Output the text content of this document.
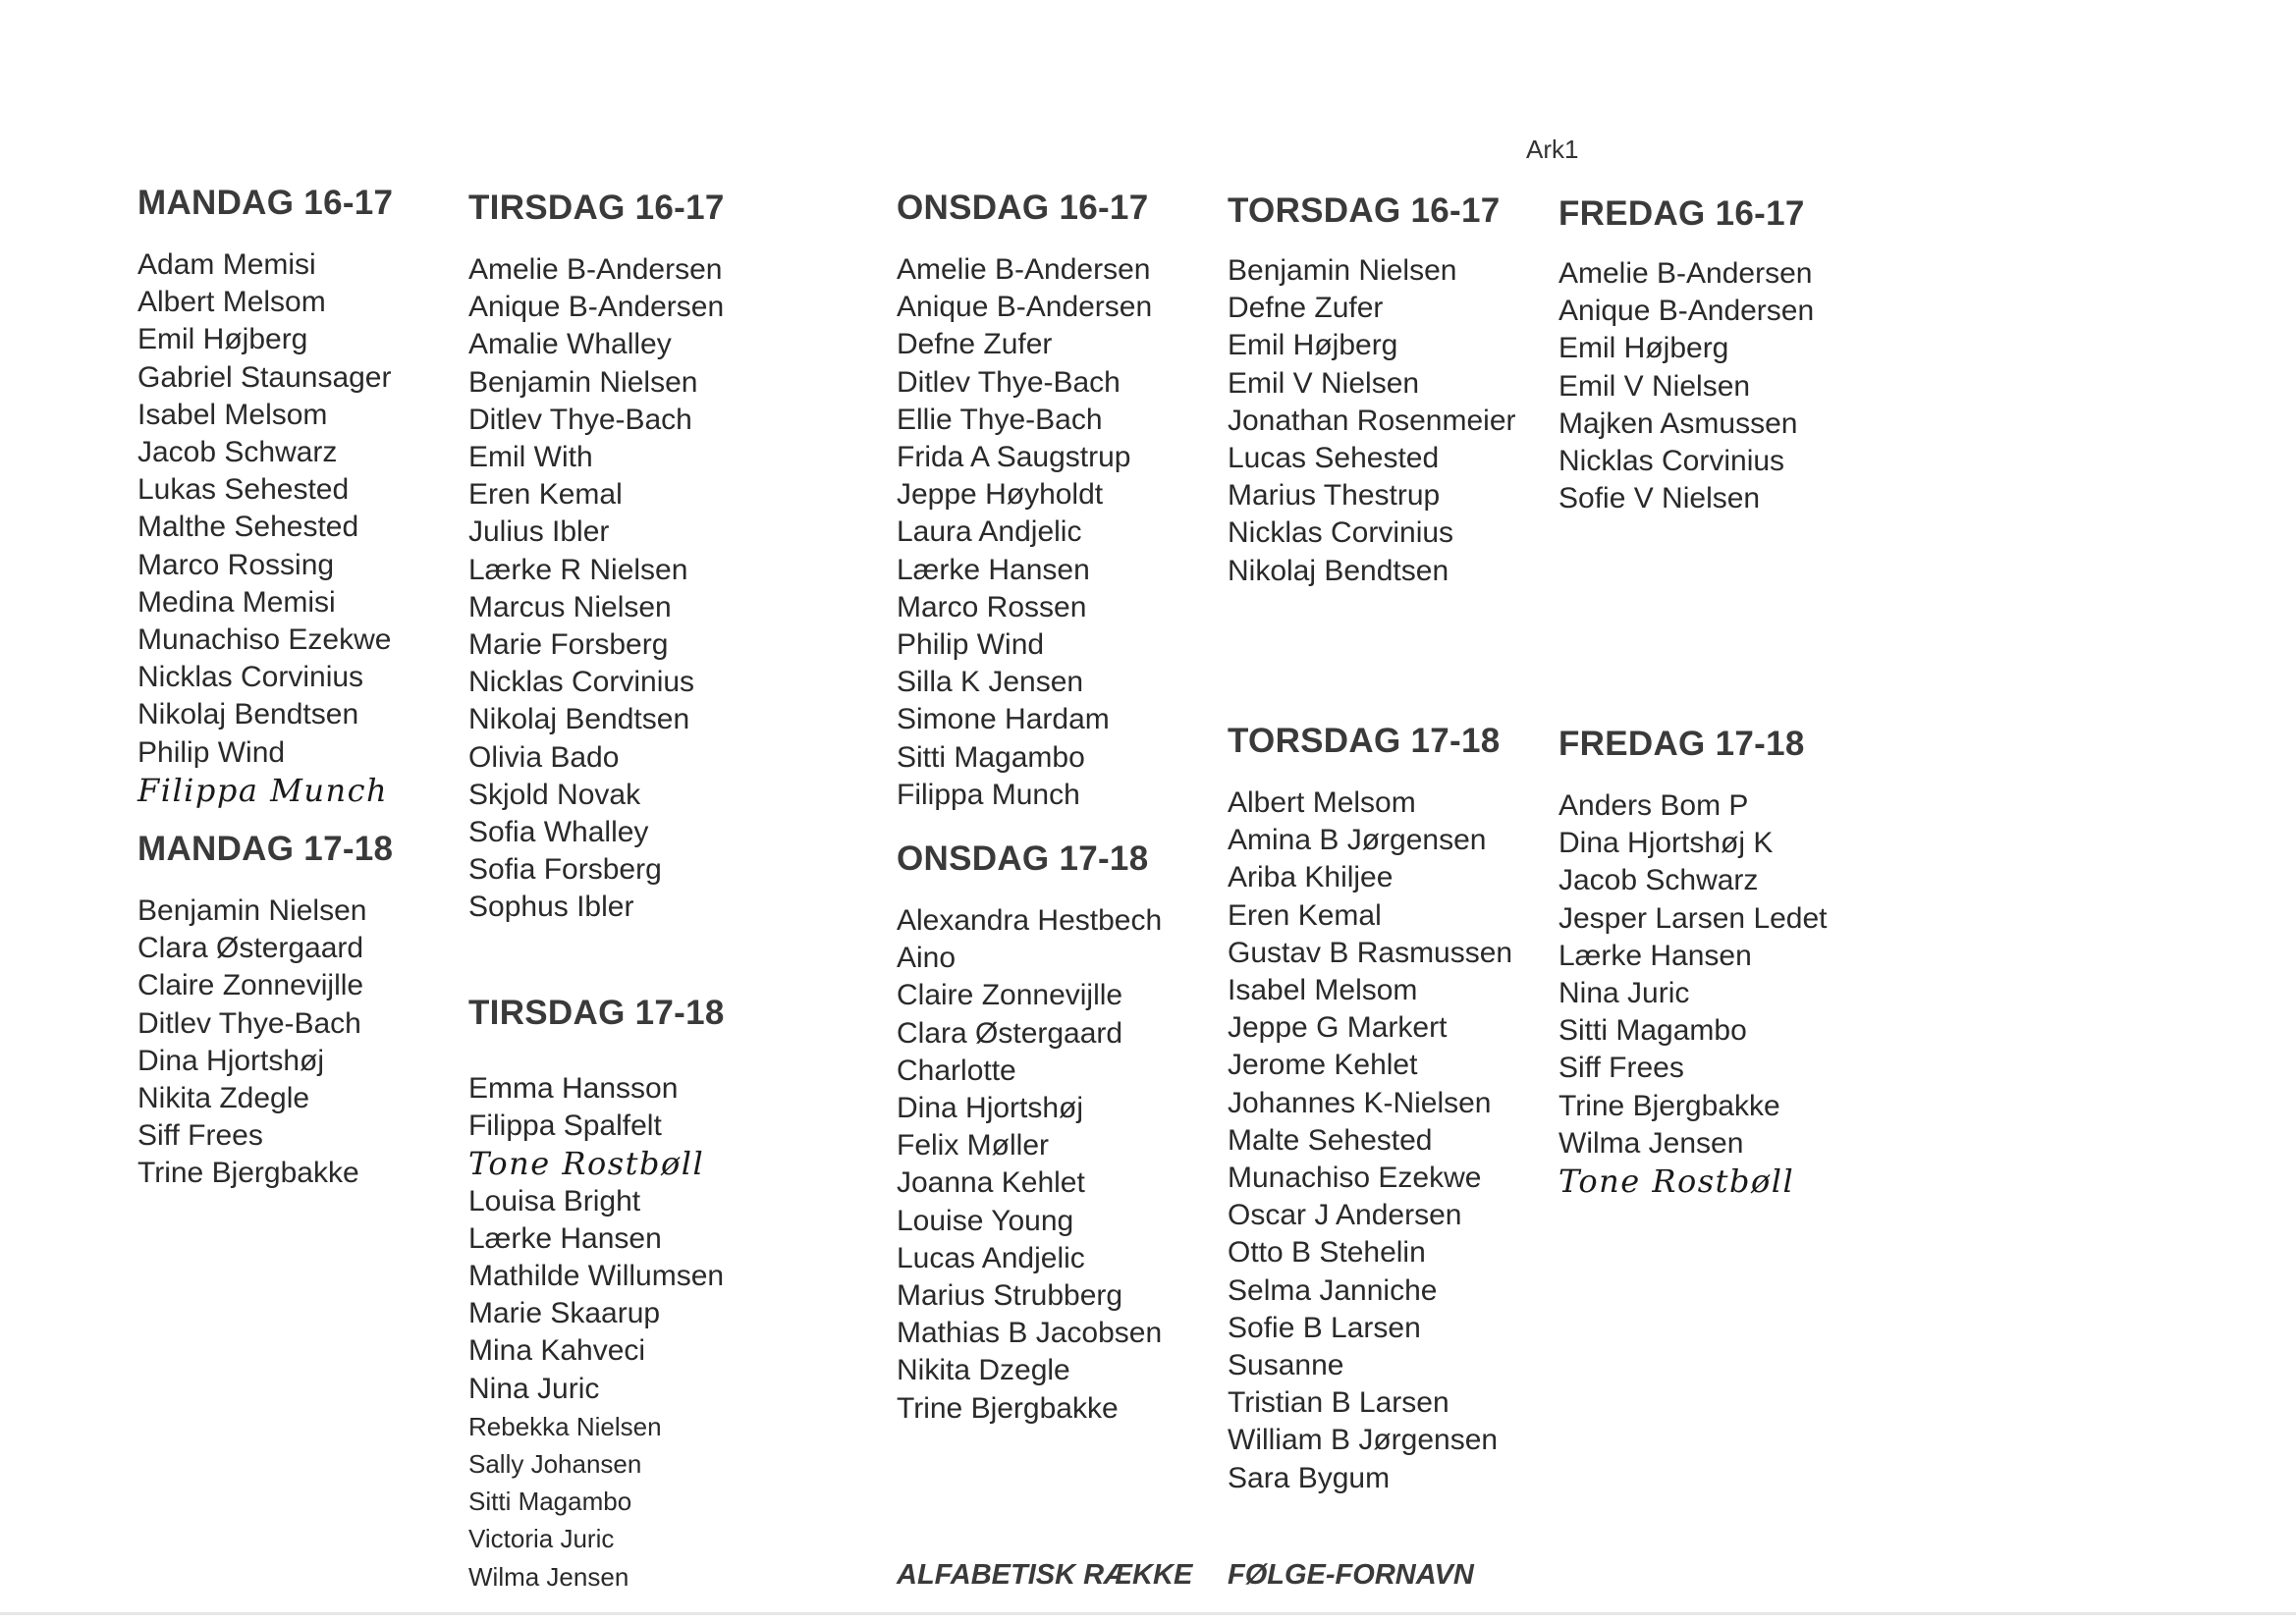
Ark1
MANDAG 16-17
Adam Memisi
Albert Melsom
Emil Højberg
Gabriel Staunsager
Isabel Melsom
Jacob Schwarz
Lukas Sehested
Malthe Sehested
Marco Rossing
Medina Memisi
Munachiso Ezekwe
Nicklas Corvinius
Nikolaj Bendtsen
Philip Wind
Filippa Munch
MANDAG 17-18
Benjamin Nielsen
Clara Østergaard
Claire Zonnevijlle
Ditlev Thye-Bach
Dina Hjortshøj
Nikita Zdegle
Siff Frees
Trine Bjergbakke
TIRSDAG 16-17
Amelie B-Andersen
Anique B-Andersen
Amalie Whalley
Benjamin Nielsen
Ditlev Thye-Bach
Emil With
Eren Kemal
Julius Ibler
Lærke R Nielsen
Marcus Nielsen
Marie Forsberg
Nicklas Corvinius
Nikolaj Bendtsen
Olivia Bado
Skjold Novak
Sofia Whalley
Sofia Forsberg
Sophus Ibler
TIRSDAG 17-18
Emma Hansson
Filippa Spalfelt
Tone Rostbøll
Louisa Bright
Lærke Hansen
Mathilde Willumsen
Marie Skaarup
Mina Kahveci
Nina Juric
Rebekka Nielsen
Sally Johansen
Sitti Magambo
Victoria Juric
Wilma Jensen
ONSDAG 16-17
Amelie B-Andersen
Anique B-Andersen
Defne Zufer
Ditlev Thye-Bach
Ellie Thye-Bach
Frida A Saugstrup
Jeppe Høyholdt
Laura Andjelic
Lærke Hansen
Marco Rossen
Philip Wind
Silla K Jensen
Simone Hardam
Sitti Magambo
Filippa Munch
ONSDAG 17-18
Alexandra Hestbech
Aino
Claire Zonnevijlle
Clara Østergaard
Charlotte
Dina Hjortshøj
Felix Møller
Joanna Kehlet
Louise Young
Lucas Andjelic
Marius Strubberg
Mathias B Jacobsen
Nikita Dzegle
Trine Bjergbakke
TORSDAG 16-17
Benjamin Nielsen
Defne Zufer
Emil Højberg
Emil V Nielsen
Jonathan Rosenmeier
Lucas Sehested
Marius Thestrup
Nicklas Corvinius
Nikolaj Bendtsen
TORSDAG 17-18
Albert Melsom
Amina B Jørgensen
Ariba Khiljee
Eren Kemal
Gustav B Rasmussen
Isabel Melsom
Jeppe G Markert
Jerome Kehlet
Johannes K-Nielsen
Malte Sehested
Munachiso Ezekwe
Oscar J Andersen
Otto B Stehelin
Selma Janniche
Sofie B Larsen
Susanne
Tristian B Larsen
William B Jørgensen
Sara Bygum
FREDAG 16-17
Amelie B-Andersen
Anique B-Andersen
Emil Højberg
Emil V Nielsen
Majken Asmussen
Nicklas Corvinius
Sofie V Nielsen
FREDAG 17-18
Anders Bom P
Dina Hjortshøj K
Jacob Schwarz
Jesper Larsen Ledet
Lærke Hansen
Nina Juric
Sitti Magambo
Siff Frees
Trine Bjergbakke
Wilma Jensen
Tone Rostbøll
ALFABETISK RÆKKE FØLGE-FORNAVN
